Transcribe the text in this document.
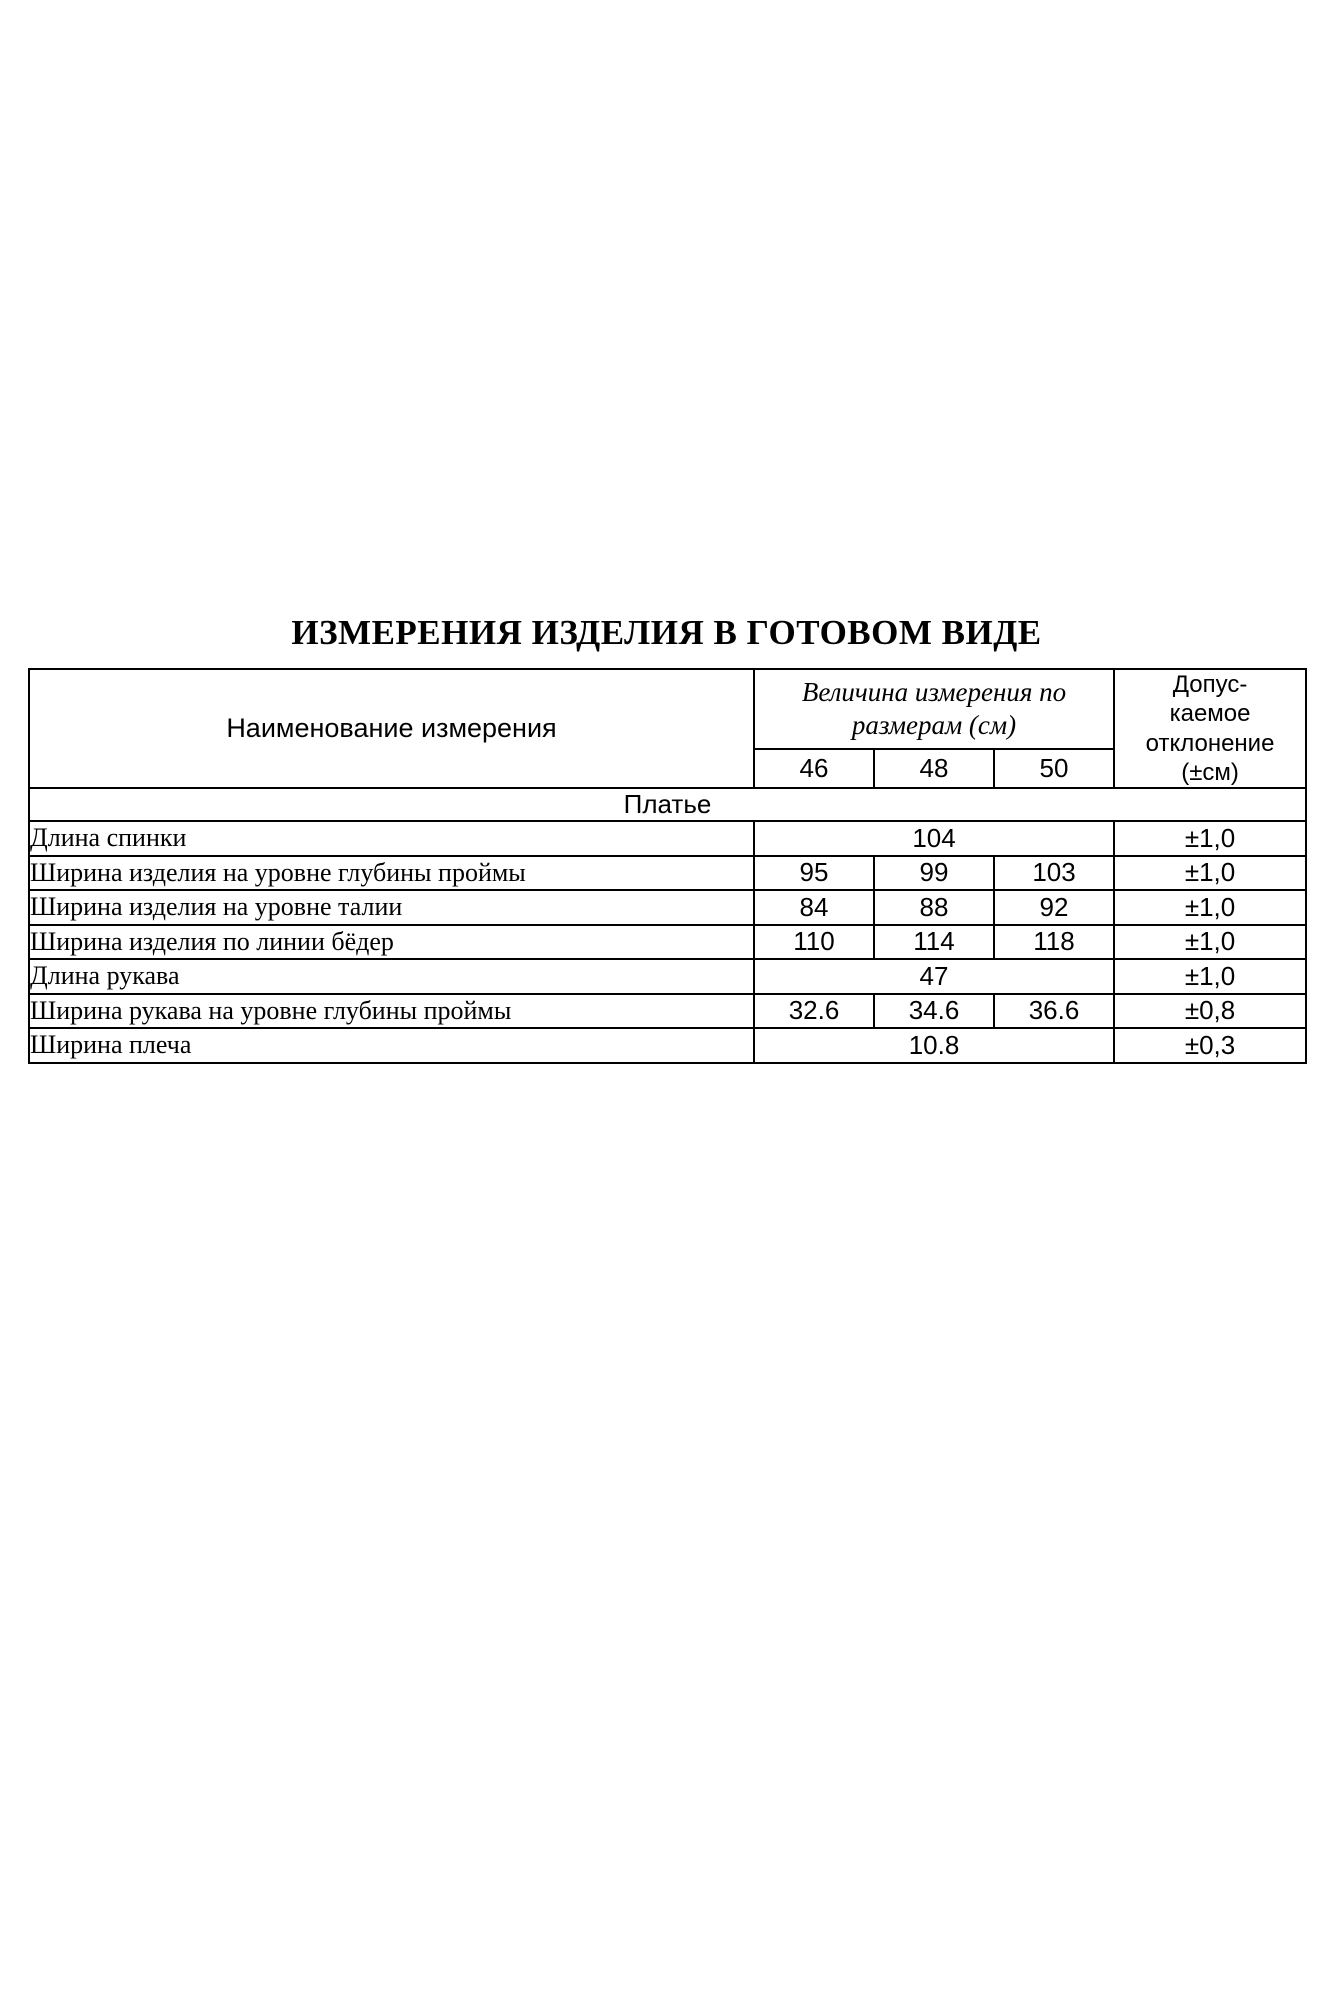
ИЗМЕРЕНИЯ ИЗДЕЛИЯ В ГОТОВОМ ВИДЕ
Наименование измерения	Величина измерения по размерам (см)			Допус-
каемое
отклонение
(±см)

	46	48	50	
Платье				
Длина спинки	104			±1,0
Ширина изделия на уровне глубины проймы	95	99	103	±1,0
Ширина изделия на уровне талии	84	88	92	±1,0
Ширина изделия по линии бёдер	110	114	118	±1,0
Длина рукава	47			±1,0
Ширина рукава на уровне глубины проймы	32.6	34.6	36.6	±0,8
Ширина плеча	10.8			±0,3
